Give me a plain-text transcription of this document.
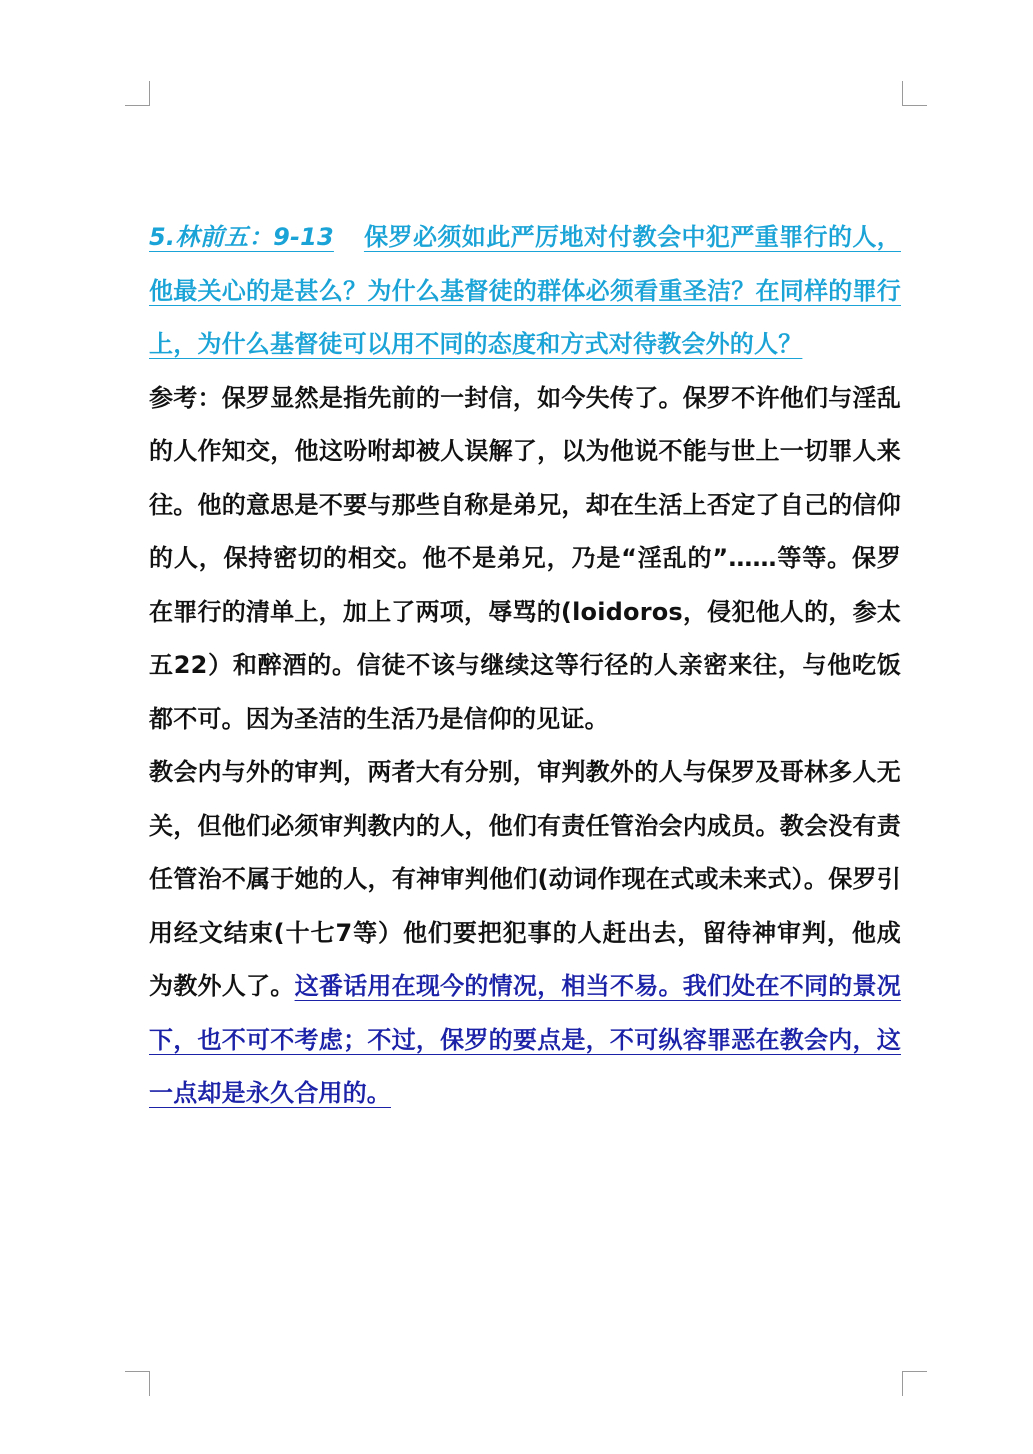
5.林前五：9-13 保罗必须如此严厉地对付教会中犯严重罪行的人，他最关心的是甚么？为什么基督徒的群体必须看重圣洁？在同样的罪行上，为什么基督徒可以用不同的态度和方式对待教会外的人？

参考：保罗显然是指先前的一封信，如今失传了。保罗不许他们与淫乱的人作知交，他这吩咐却被人误解了，以为他说不能与世上一切罪人来往。他的意思是不要与那些自称是弟兄，却在生活上否定了自己的信仰的人，保持密切的相交。他不是弟兄，乃是“淫乱的”……等等。保罗在罪行的清单上，加上了两项，辱骂的(loidoros，侵犯他人的，参太五22）和醉酒的。信徒不该与继续这等行径的人亲密来往，与他吃饭都不可。因为圣洁的生活乃是信仰的见证。

教会内与外的审判，两者大有分别，审判教外的人与保罗及哥林多人无关，但他们必须审判教内的人，他们有责任管治会内成员。教会没有责任管治不属于她的人，有神审判他们(动词作现在式或未来式）。保罗引用经文结束(十七7等）他们要把犯事的人赶出去，留待神审判，他成为教外人了。这番话用在现今的情况，相当不易。我们处在不同的景况下，也不可不考虑；不过，保罗的要点是，不可纵容罪恶在教会内，这一点却是永久合用的。
